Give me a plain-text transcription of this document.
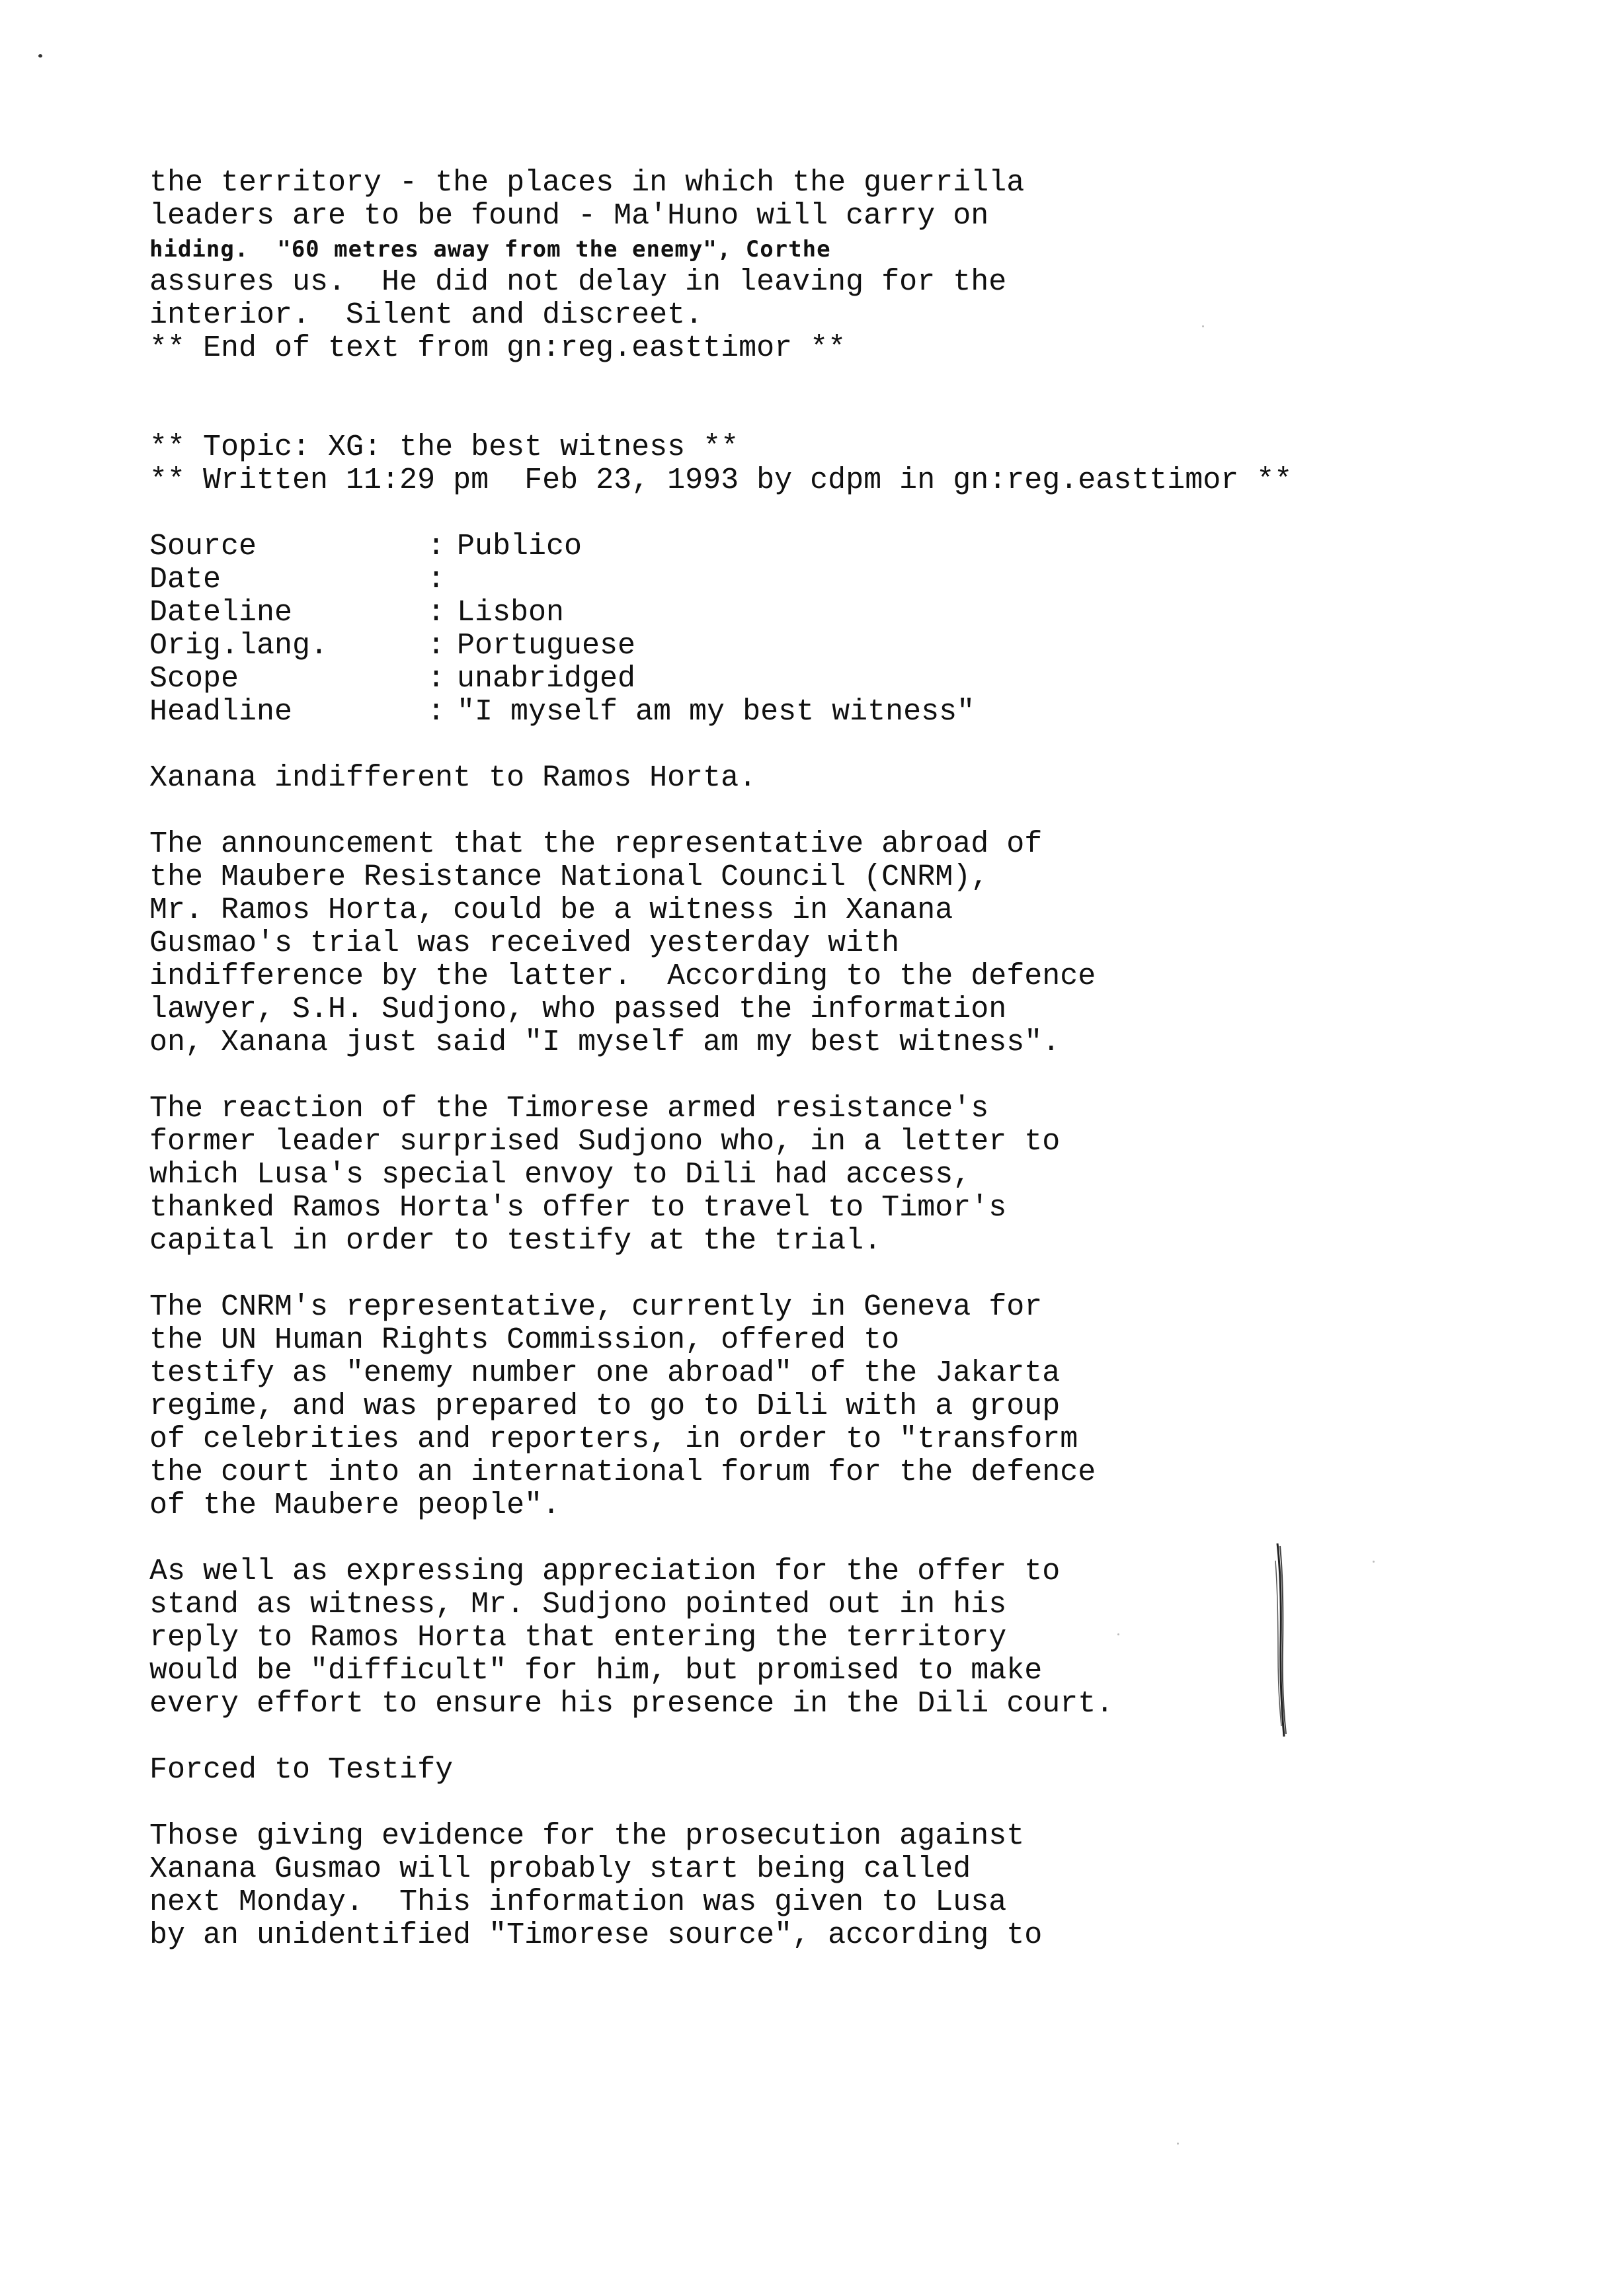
the territory - the places in which the guerrilla
leaders are to be found - Ma'Huno will carry on
hiding.  "60 metres away from the enemy", Corthe
assures us.  He did not delay in leaving for the
interior.  Silent and discreet.
** End of text from gn:reg.easttimor **
** Topic: XG: the best witness **
** Written 11:29 pm  Feb 23, 1993 by cdpm in gn:reg.easttimor **
Source	: Publico
Date	:
Dateline	: Lisbon
Orig.lang.	: Portuguese
Scope	: unabridged
Headline	: "I myself am my best witness"
Xanana indifferent to Ramos Horta.
The announcement that the representative abroad of
the Maubere Resistance National Council (CNRM),
Mr. Ramos Horta, could be a witness in Xanana
Gusmao's trial was received yesterday with
indifference by the latter.  According to the defence
lawyer, S.H. Sudjono, who passed the information
on, Xanana just said "I myself am my best witness".
The reaction of the Timorese armed resistance's
former leader surprised Sudjono who, in a letter to
which Lusa's special envoy to Dili had access,
thanked Ramos Horta's offer to travel to Timor's
capital in order to testify at the trial.
The CNRM's representative, currently in Geneva for
the UN Human Rights Commission, offered to
testify as "enemy number one abroad" of the Jakarta
regime, and was prepared to go to Dili with a group
of celebrities and reporters, in order to "transform
the court into an international forum for the defence
of the Maubere people".
As well as expressing appreciation for the offer to
stand as witness, Mr. Sudjono pointed out in his
reply to Ramos Horta that entering the territory
would be "difficult" for him, but promised to make
every effort to ensure his presence in the Dili court.
Forced to Testify
Those giving evidence for the prosecution against
Xanana Gusmao will probably start being called
next Monday.  This information was given to Lusa
by an unidentified "Timorese source", according to
